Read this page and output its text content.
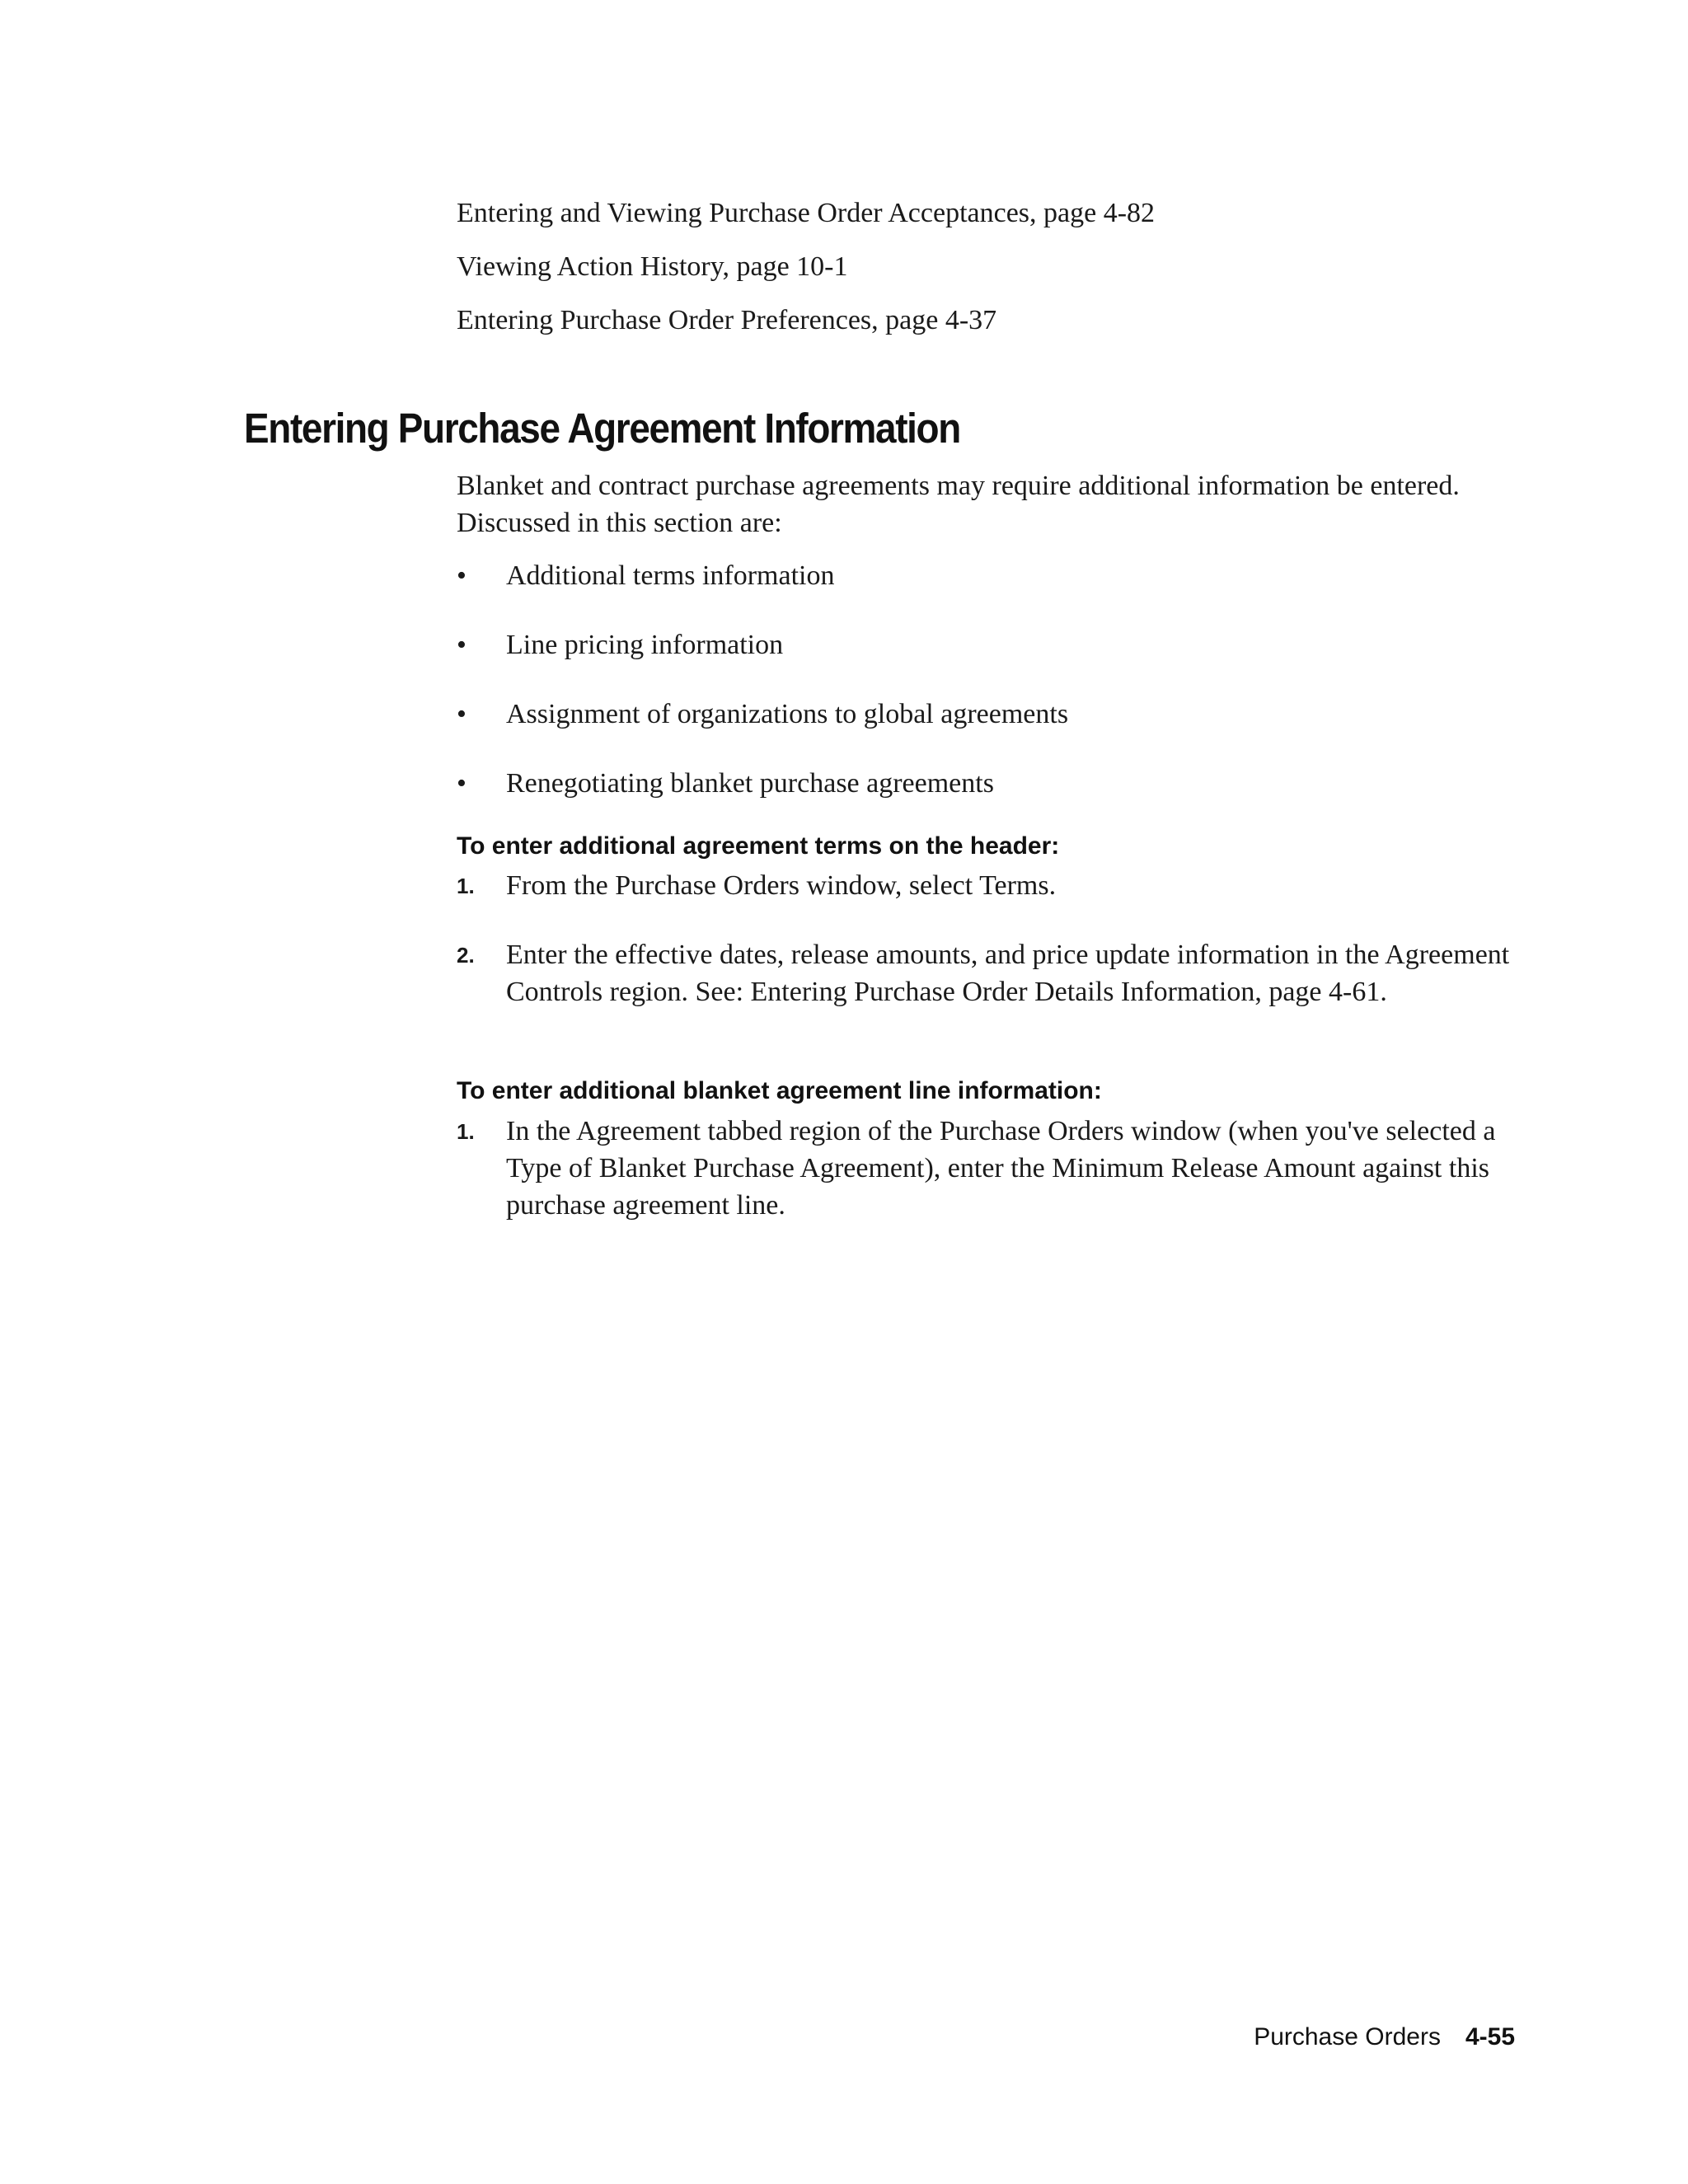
Entering and Viewing Purchase Order Acceptances, page 4-82
Viewing Action History, page 10-1
Entering Purchase Order Preferences, page 4-37
Entering Purchase Agreement Information

Blanket and contract purchase agreements may require additional information be entered. Discussed in this section are:

•	Additional terms information
•	Line pricing information
•	Assignment of organizations to global agreements
•	Renegotiating blanket purchase agreements
To enter additional agreement terms on the header:
1. From the Purchase Orders window, select Terms.
2. Enter the effective dates, release amounts, and price update information in the Agreement Controls region. See: Entering Purchase Order Details Information, page 4-61.
To enter additional blanket agreement line information:
1. In the Agreement tabbed region of the Purchase Orders window (when you've selected a Type of Blanket Purchase Agreement), enter the Minimum Release Amount against this purchase agreement line.
Purchase Orders 4-55
